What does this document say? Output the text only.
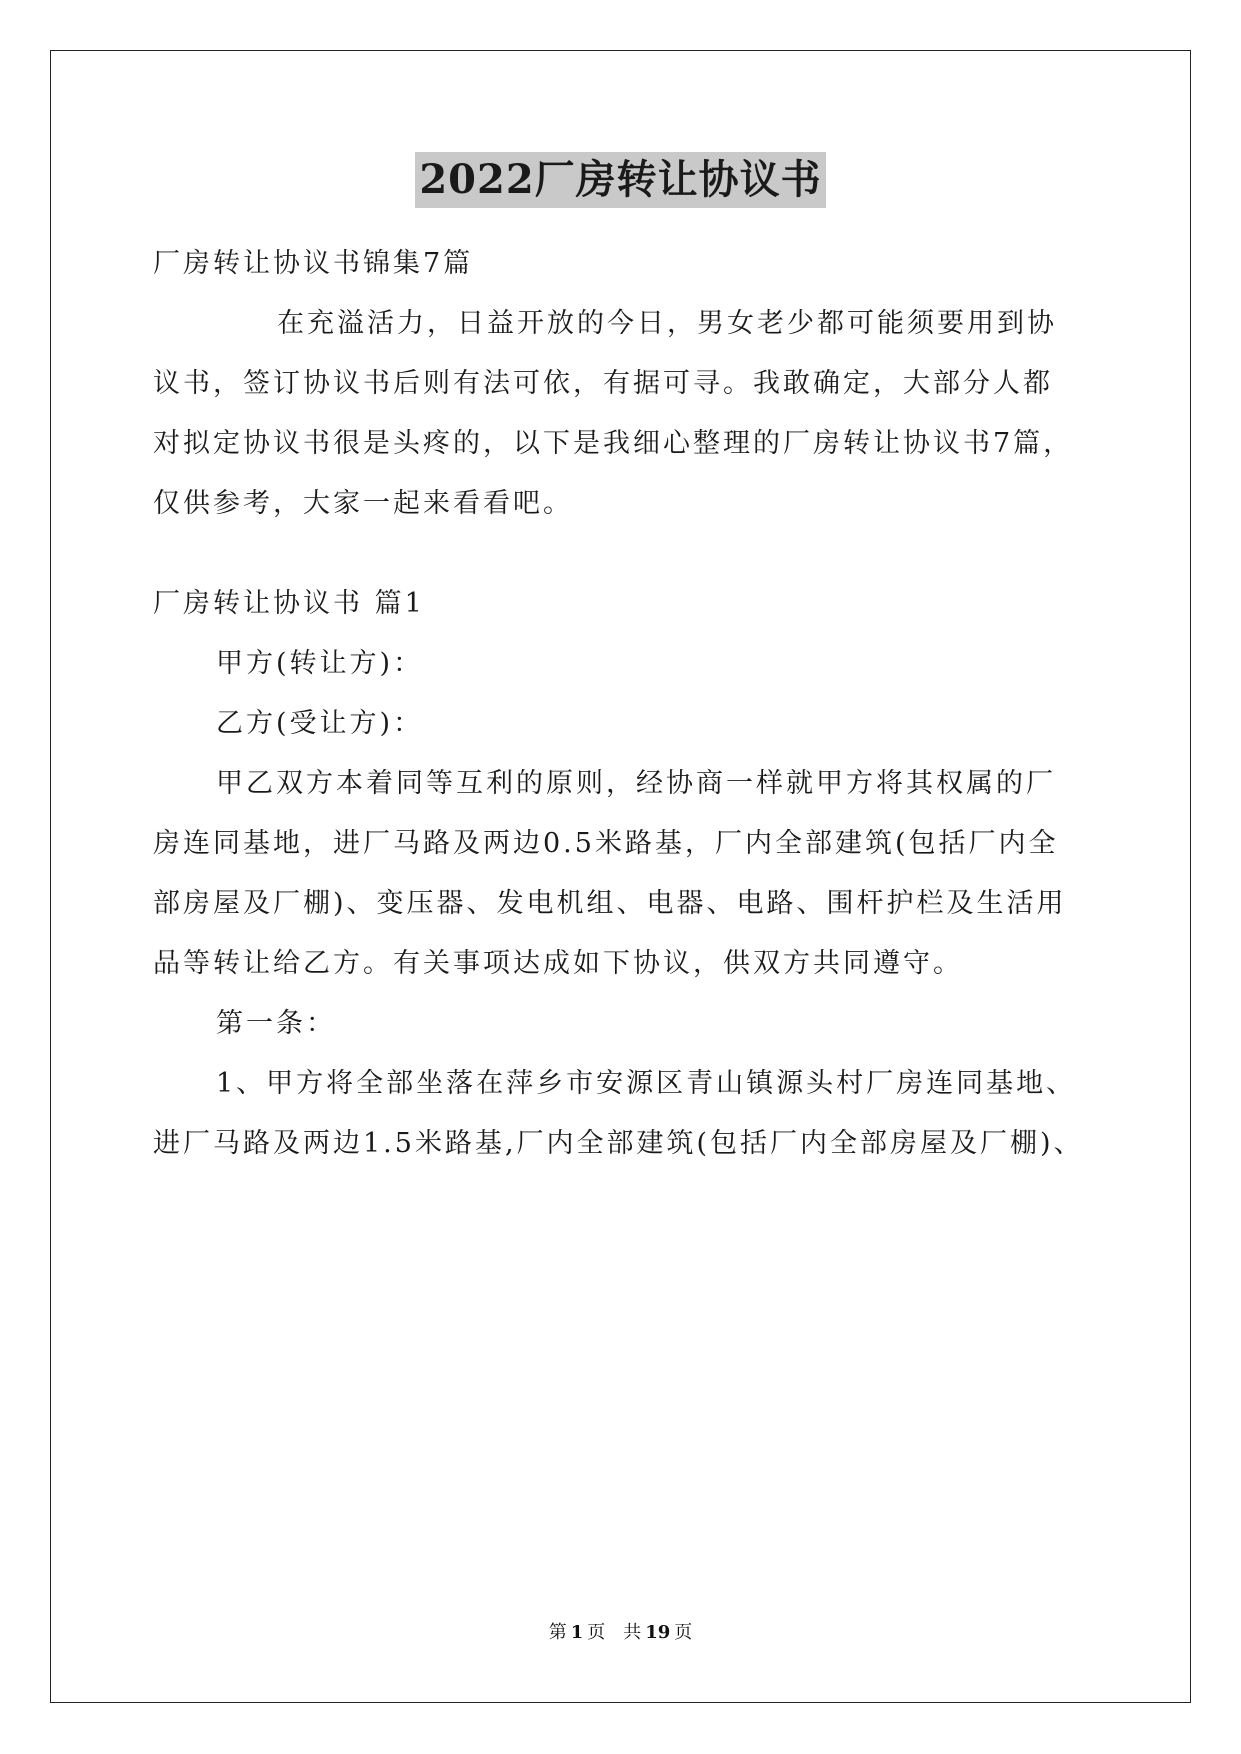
2022厂房转让协议书
厂房转让协议书锦集7篇
在充溢活力，日益开放的今日，男女老少都可能须要用到协
议书，签订协议书后则有法可依，有据可寻。我敢确定，大部分人都
对拟定协议书很是头疼的，以下是我细心整理的厂房转让协议书7篇，
仅供参考，大家一起来看看吧。
厂房转让协议书 篇1
甲方(转让方)：
乙方(受让方)：
甲乙双方本着同等互利的原则，经协商一样就甲方将其权属的厂
房连同基地，进厂马路及两边0.5米路基，厂内全部建筑(包括厂内全
部房屋及厂棚)、变压器、发电机组、电器、电路、围杆护栏及生活用
品等转让给乙方。有关事项达成如下协议，供双方共同遵守。
第一条：
1、甲方将全部坐落在萍乡市安源区青山镇源头村厂房连同基地、
进厂马路及两边1.5米路基,厂内全部建筑(包括厂内全部房屋及厂棚)、
第 1 页　共 19 页
